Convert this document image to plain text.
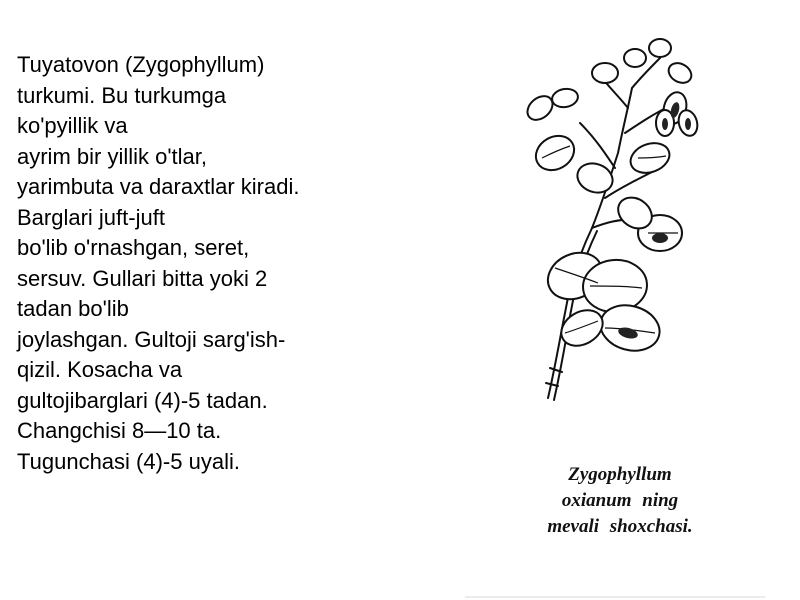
Tuyatovon (Zygophyllum)
turkumi. Bu turkumga
ko'pyillik va
ayrim bir yillik o'tlar,
yarimbuta va daraxtlar kiradi.
Barglari juft-juft
bo'lib o'rnashgan, seret,
sersuv. Gullari bitta yoki 2
tadan bo'lib
joylashgan. Gultoji sarg'ish-
qizil. Kosacha va
gultojibarglari (4)-5 tadan.
Changchisi 8—10 ta.
Tugunchasi (4)-5 uyali.
Zygophyllum
oxianum ning
mevali shoxchasi.
